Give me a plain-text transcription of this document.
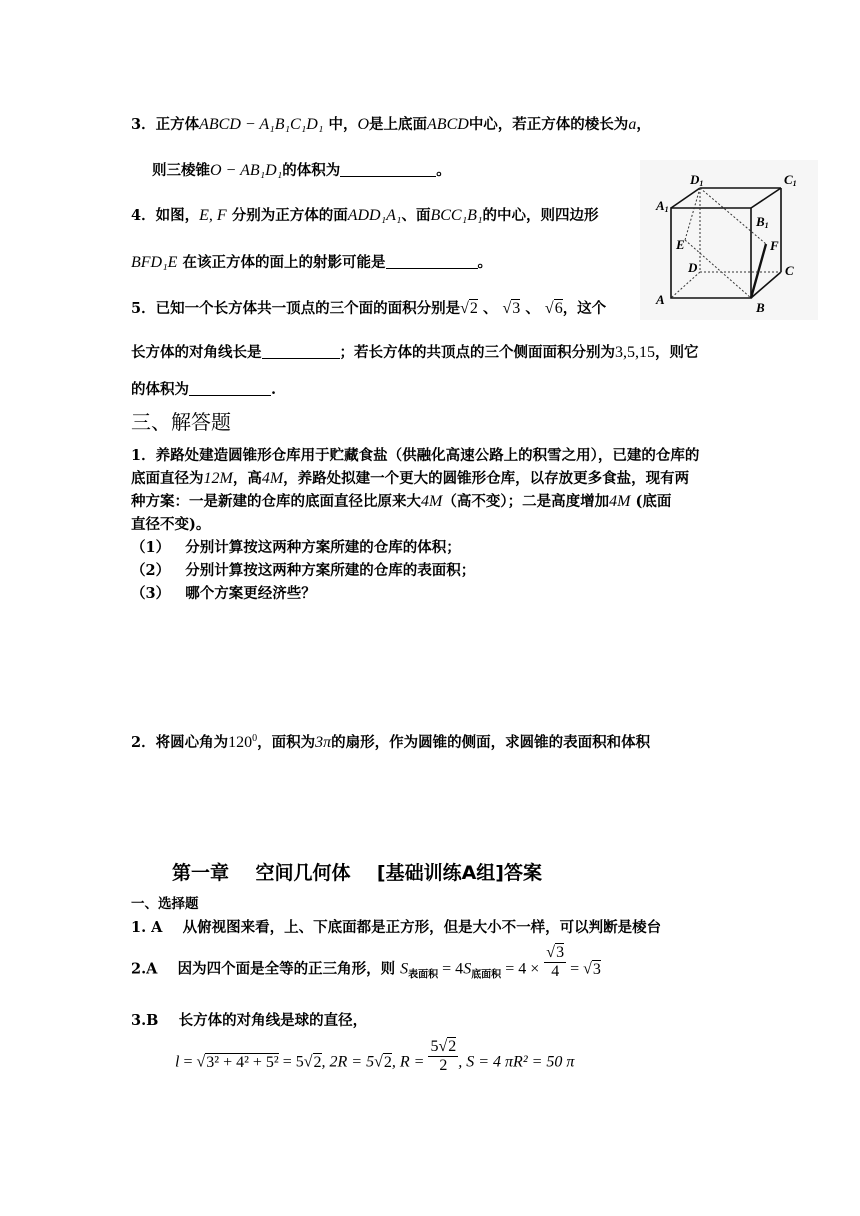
3．正方体ABCD − A₁B₁C₁D₁ 中，O是上底面ABCD中心，若正方体的棱长为a，
则三棱锥O − AB₁D₁的体积为	。
4．如图，E, F 分别为正方体的面ADD₁A₁、面BCC₁B₁的中心，则四边形
BFD₁E 在该正方体的面上的射影可能是	。
D1	C1
A1
B1
E	F
D	C
A
B
5．已知一个长方体共一顶点的三个面的面积分别是√2 、 √3 、 √6，这个
长方体的对角线长是	；若长方体的共顶点的三个侧面面积分别为3,5,15，则它
的体积为	.
三、解答题
1．养路处建造圆锥形仓库用于贮藏食盐（供融化高速公路上的积雪之用），已建的仓库的
底面直径为12M，高4M，养路处拟建一个更大的圆锥形仓库，以存放更多食盐，现有两
种方案：一是新建的仓库的底面直径比原来大4M（高不变）；二是高度增加4M (底面
直径不变)。
（1） 分别计算按这两种方案所建的仓库的体积；
（2） 分别计算按这两种方案所建的仓库的表面积；
（3） 哪个方案更经济些？
2．将圆心角为$120^0$，面积为3π的扇形，作为圆锥的侧面，求圆锥的表面积和体积
第一章    空间几何体    [基础训练A组]答案
一、选择题
1. A 从俯视图来看，上、下底面都是正方形，但是大小不一样，可以判断是棱台
2.A 因为四个面是全等的正三角形，则 $S_{表面积} = 4S_{底面积} = 4 \times \frac{√3}{4} = √3$
3.B 长方体的对角线是球的直径，
l = √3² + 4² + 5² = 5√2, 2R = 5√2, $R = \frac{5√2}{2}$ , S = 4 πR² = 50 π
